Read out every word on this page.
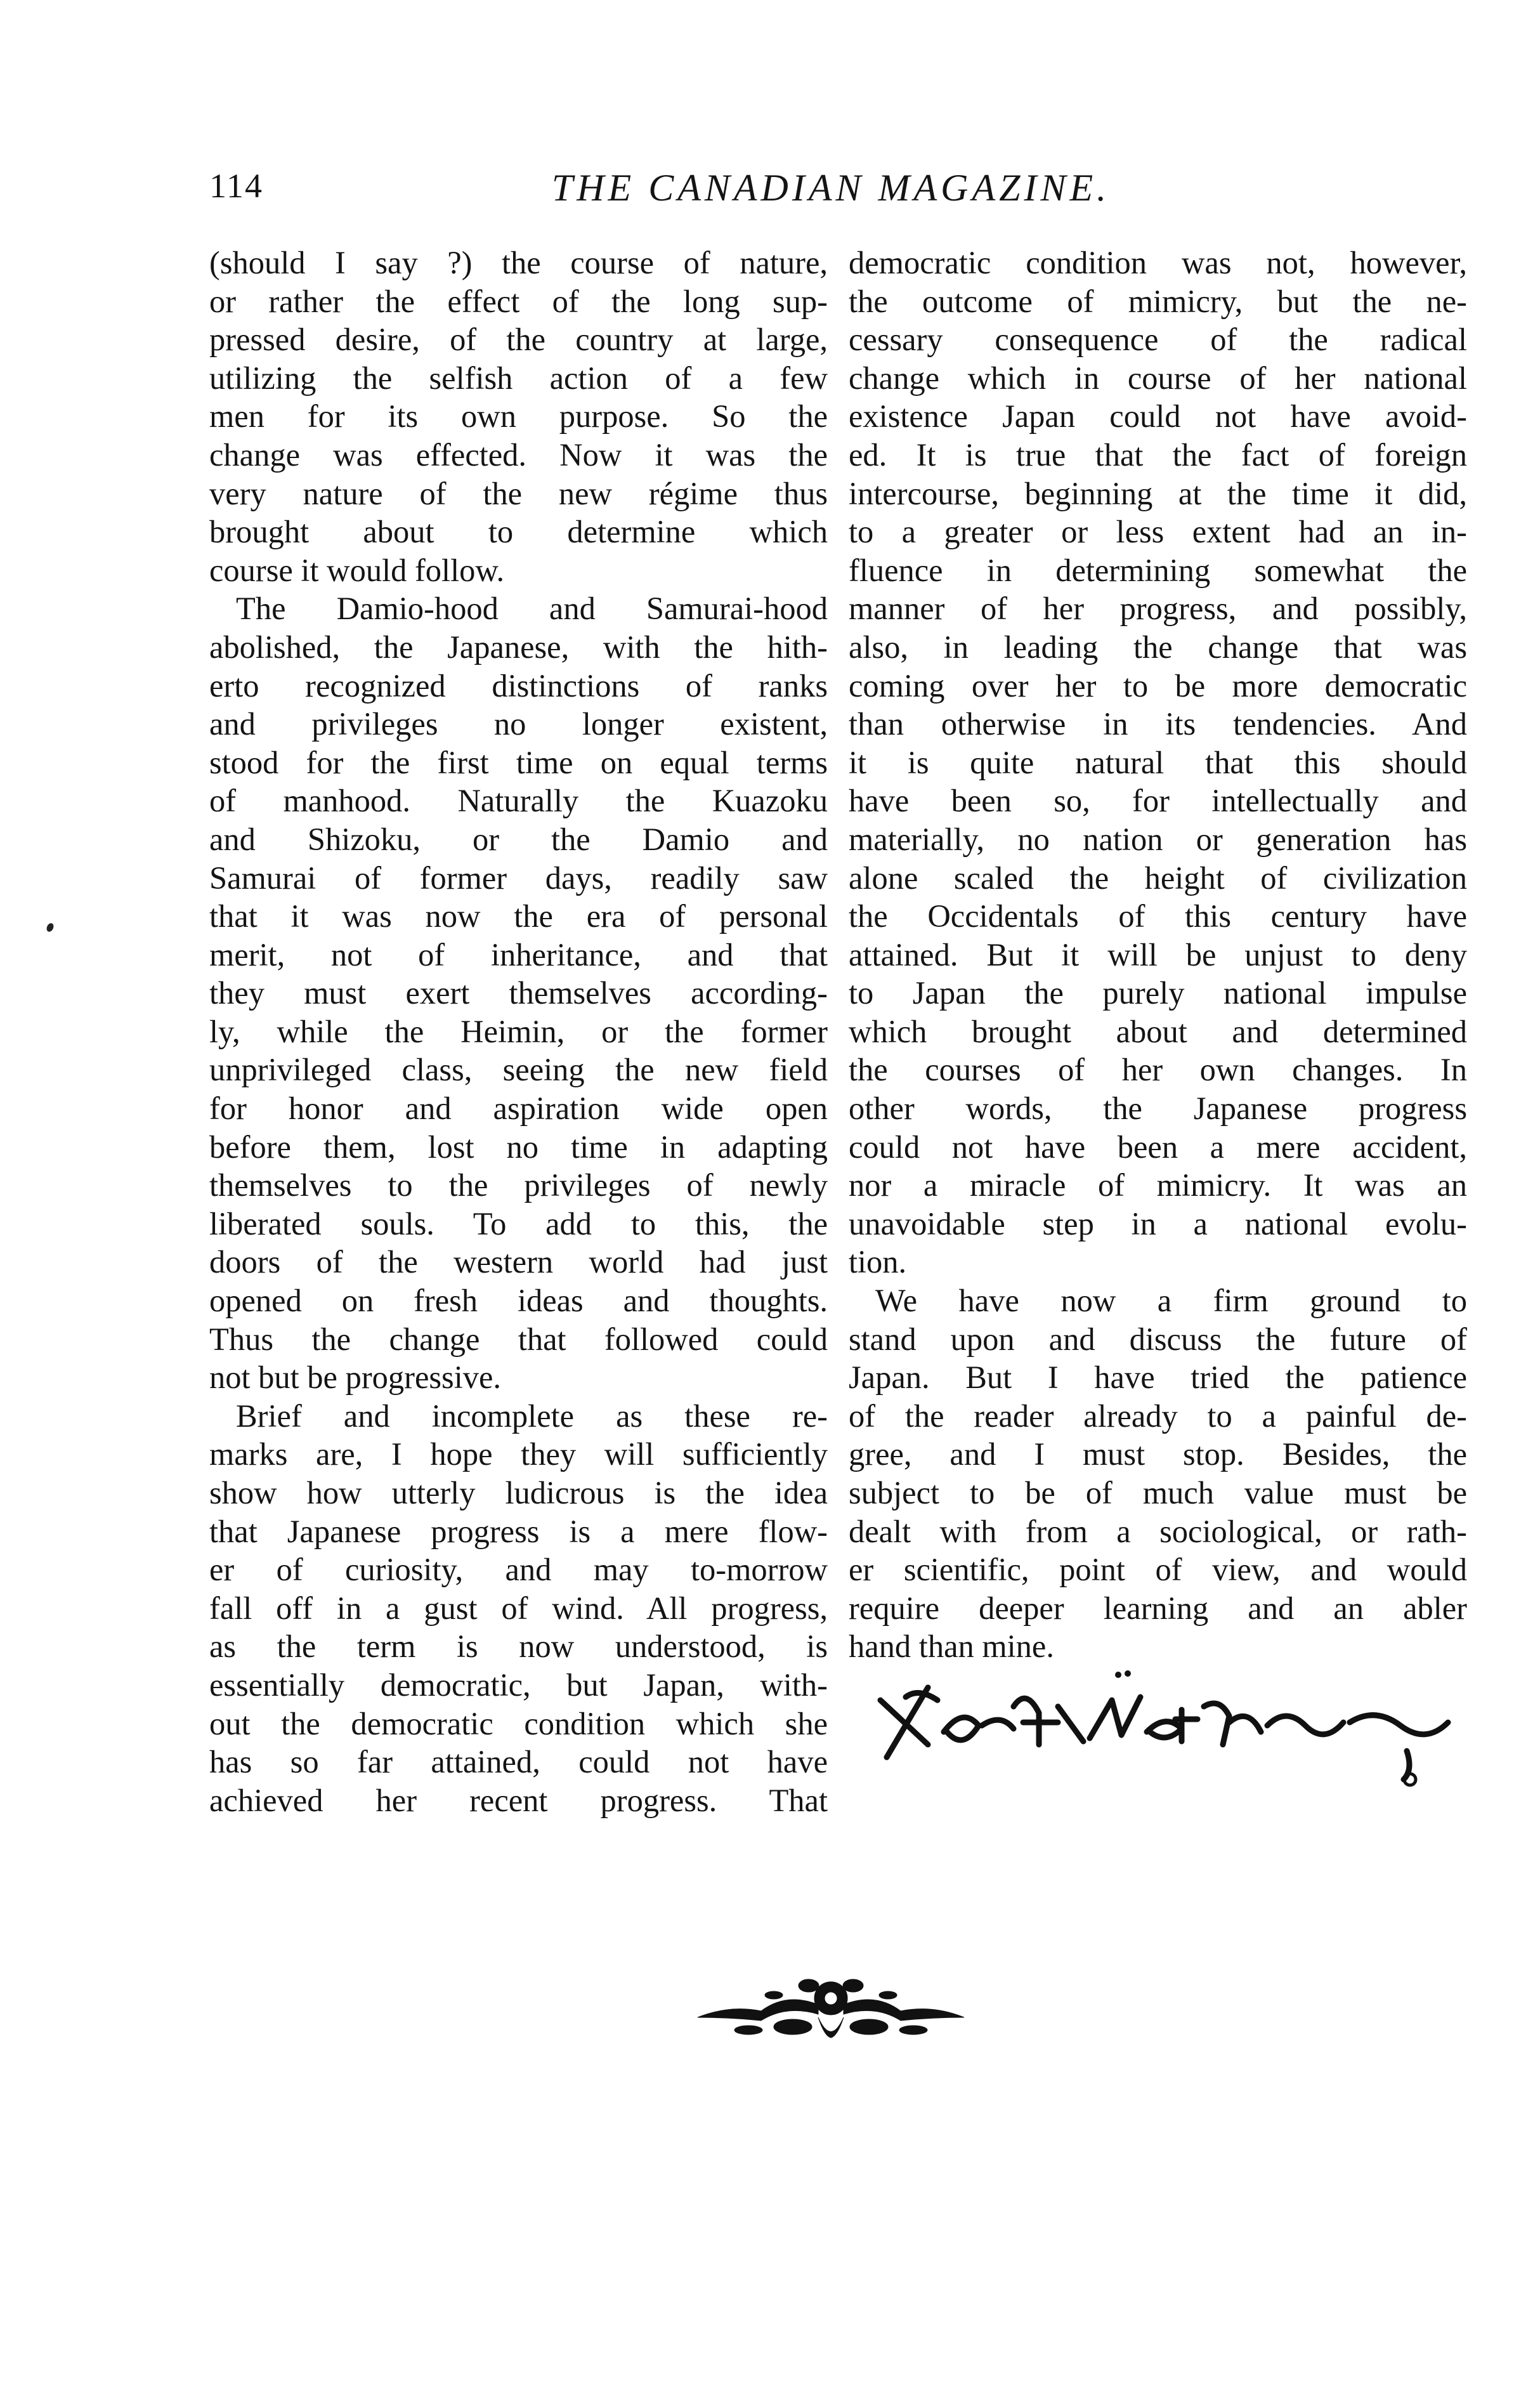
114	THE CANADIAN MAGAZINE.
(should I say ?) the course of nature,
or rather the effect of the long sup-
pressed desire, of the country at large,
utilizing the selfish action of a few
men for its own purpose. So the
change was effected. Now it was the
very nature of the new régime thus
brought about to determine which
course it would follow.
The Damio-hood and Samurai-hood
abolished, the Japanese, with the hith-
erto recognized distinctions of ranks
and privileges no longer existent,
stood for the first time on equal terms
of manhood. Naturally the Kuazoku
and Shizoku, or the Damio and
Samurai of former days, readily saw
that it was now the era of personal
merit, not of inheritance, and that
they must exert themselves according-
ly, while the Heimin, or the former
unprivileged class, seeing the new field
for honor and aspiration wide open
before them, lost no time in adapting
themselves to the privileges of newly
liberated souls. To add to this, the
doors of the western world had just
opened on fresh ideas and thoughts.
Thus the change that followed could
not but be progressive.
Brief and incomplete as these re-
marks are, I hope they will sufficiently
show how utterly ludicrous is the idea
that Japanese progress is a mere flow-
er of curiosity, and may to-morrow
fall off in a gust of wind. All progress,
as the term is now understood, is
essentially democratic, but Japan, with-
out the democratic condition which she
has so far attained, could not have
achieved her recent progress. That
democratic condition was not, however,
the outcome of mimicry, but the ne-
cessary consequence of the radical
change which in course of her national
existence Japan could not have avoid-
ed. It is true that the fact of foreign
intercourse, beginning at the time it did,
to a greater or less extent had an in-
fluence in determining somewhat the
manner of her progress, and possibly,
also, in leading the change that was
coming over her to be more democratic
than otherwise in its tendencies. And
it is quite natural that this should
have been so, for intellectually and
materially, no nation or generation has
alone scaled the height of civilization
the Occidentals of this century have
attained. But it will be unjust to deny
to Japan the purely national impulse
which brought about and determined
the courses of her own changes. In
other words, the Japanese progress
could not have been a mere accident,
nor a miracle of mimicry. It was an
unavoidable step in a national evolu-
tion.
We have now a firm ground to
stand upon and discuss the future of
Japan. But I have tried the patience
of the reader already to a painful de-
gree, and I must stop. Besides, the
subject to be of much value must be
dealt with from a sociological, or rath-
er scientific, point of view, and would
require deeper learning and an abler
hand than mine.
